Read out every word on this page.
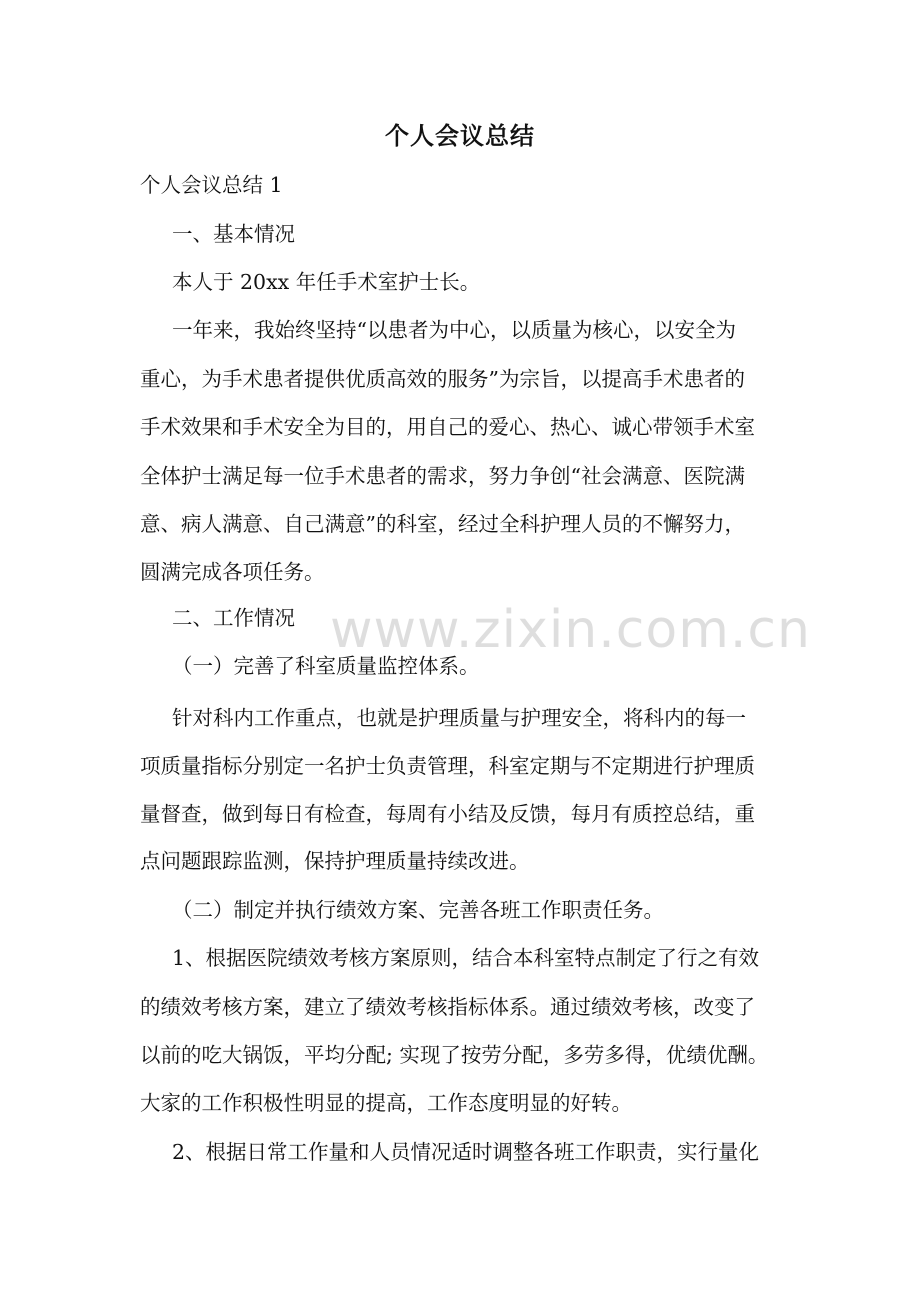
个人会议总结
个人会议总结 1
一、基本情况
本人于 20xx 年任手术室护士长。
一年来，我始终坚持“以患者为中心，以质量为核心，以安全为
重心，为手术患者提供优质高效的服务”为宗旨，以提高手术患者的
手术效果和手术安全为目的，用自己的爱心、热心、诚心带领手术室
全体护士满足每一位手术患者的需求，努力争创“社会满意、医院满
意、病人满意、自己满意”的科室，经过全科护理人员的不懈努力，
圆满完成各项任务。
二、工作情况
（一）完善了科室质量监控体系。
针对科内工作重点，也就是护理质量与护理安全，将科内的每一
项质量指标分别定一名护士负责管理，科室定期与不定期进行护理质
量督查，做到每日有检查，每周有小结及反馈，每月有质控总结，重
点问题跟踪监测，保持护理质量持续改进。
（二）制定并执行绩效方案、完善各班工作职责任务。
1、根据医院绩效考核方案原则，结合本科室特点制定了行之有效
的绩效考核方案，建立了绩效考核指标体系。通过绩效考核，改变了
以前的吃大锅饭，平均分配; 实现了按劳分配，多劳多得，优绩优酬。
大家的工作积极性明显的提高，工作态度明显的好转。
2、根据日常工作量和人员情况适时调整各班工作职责，实行量化
www.zixin.com.cn
